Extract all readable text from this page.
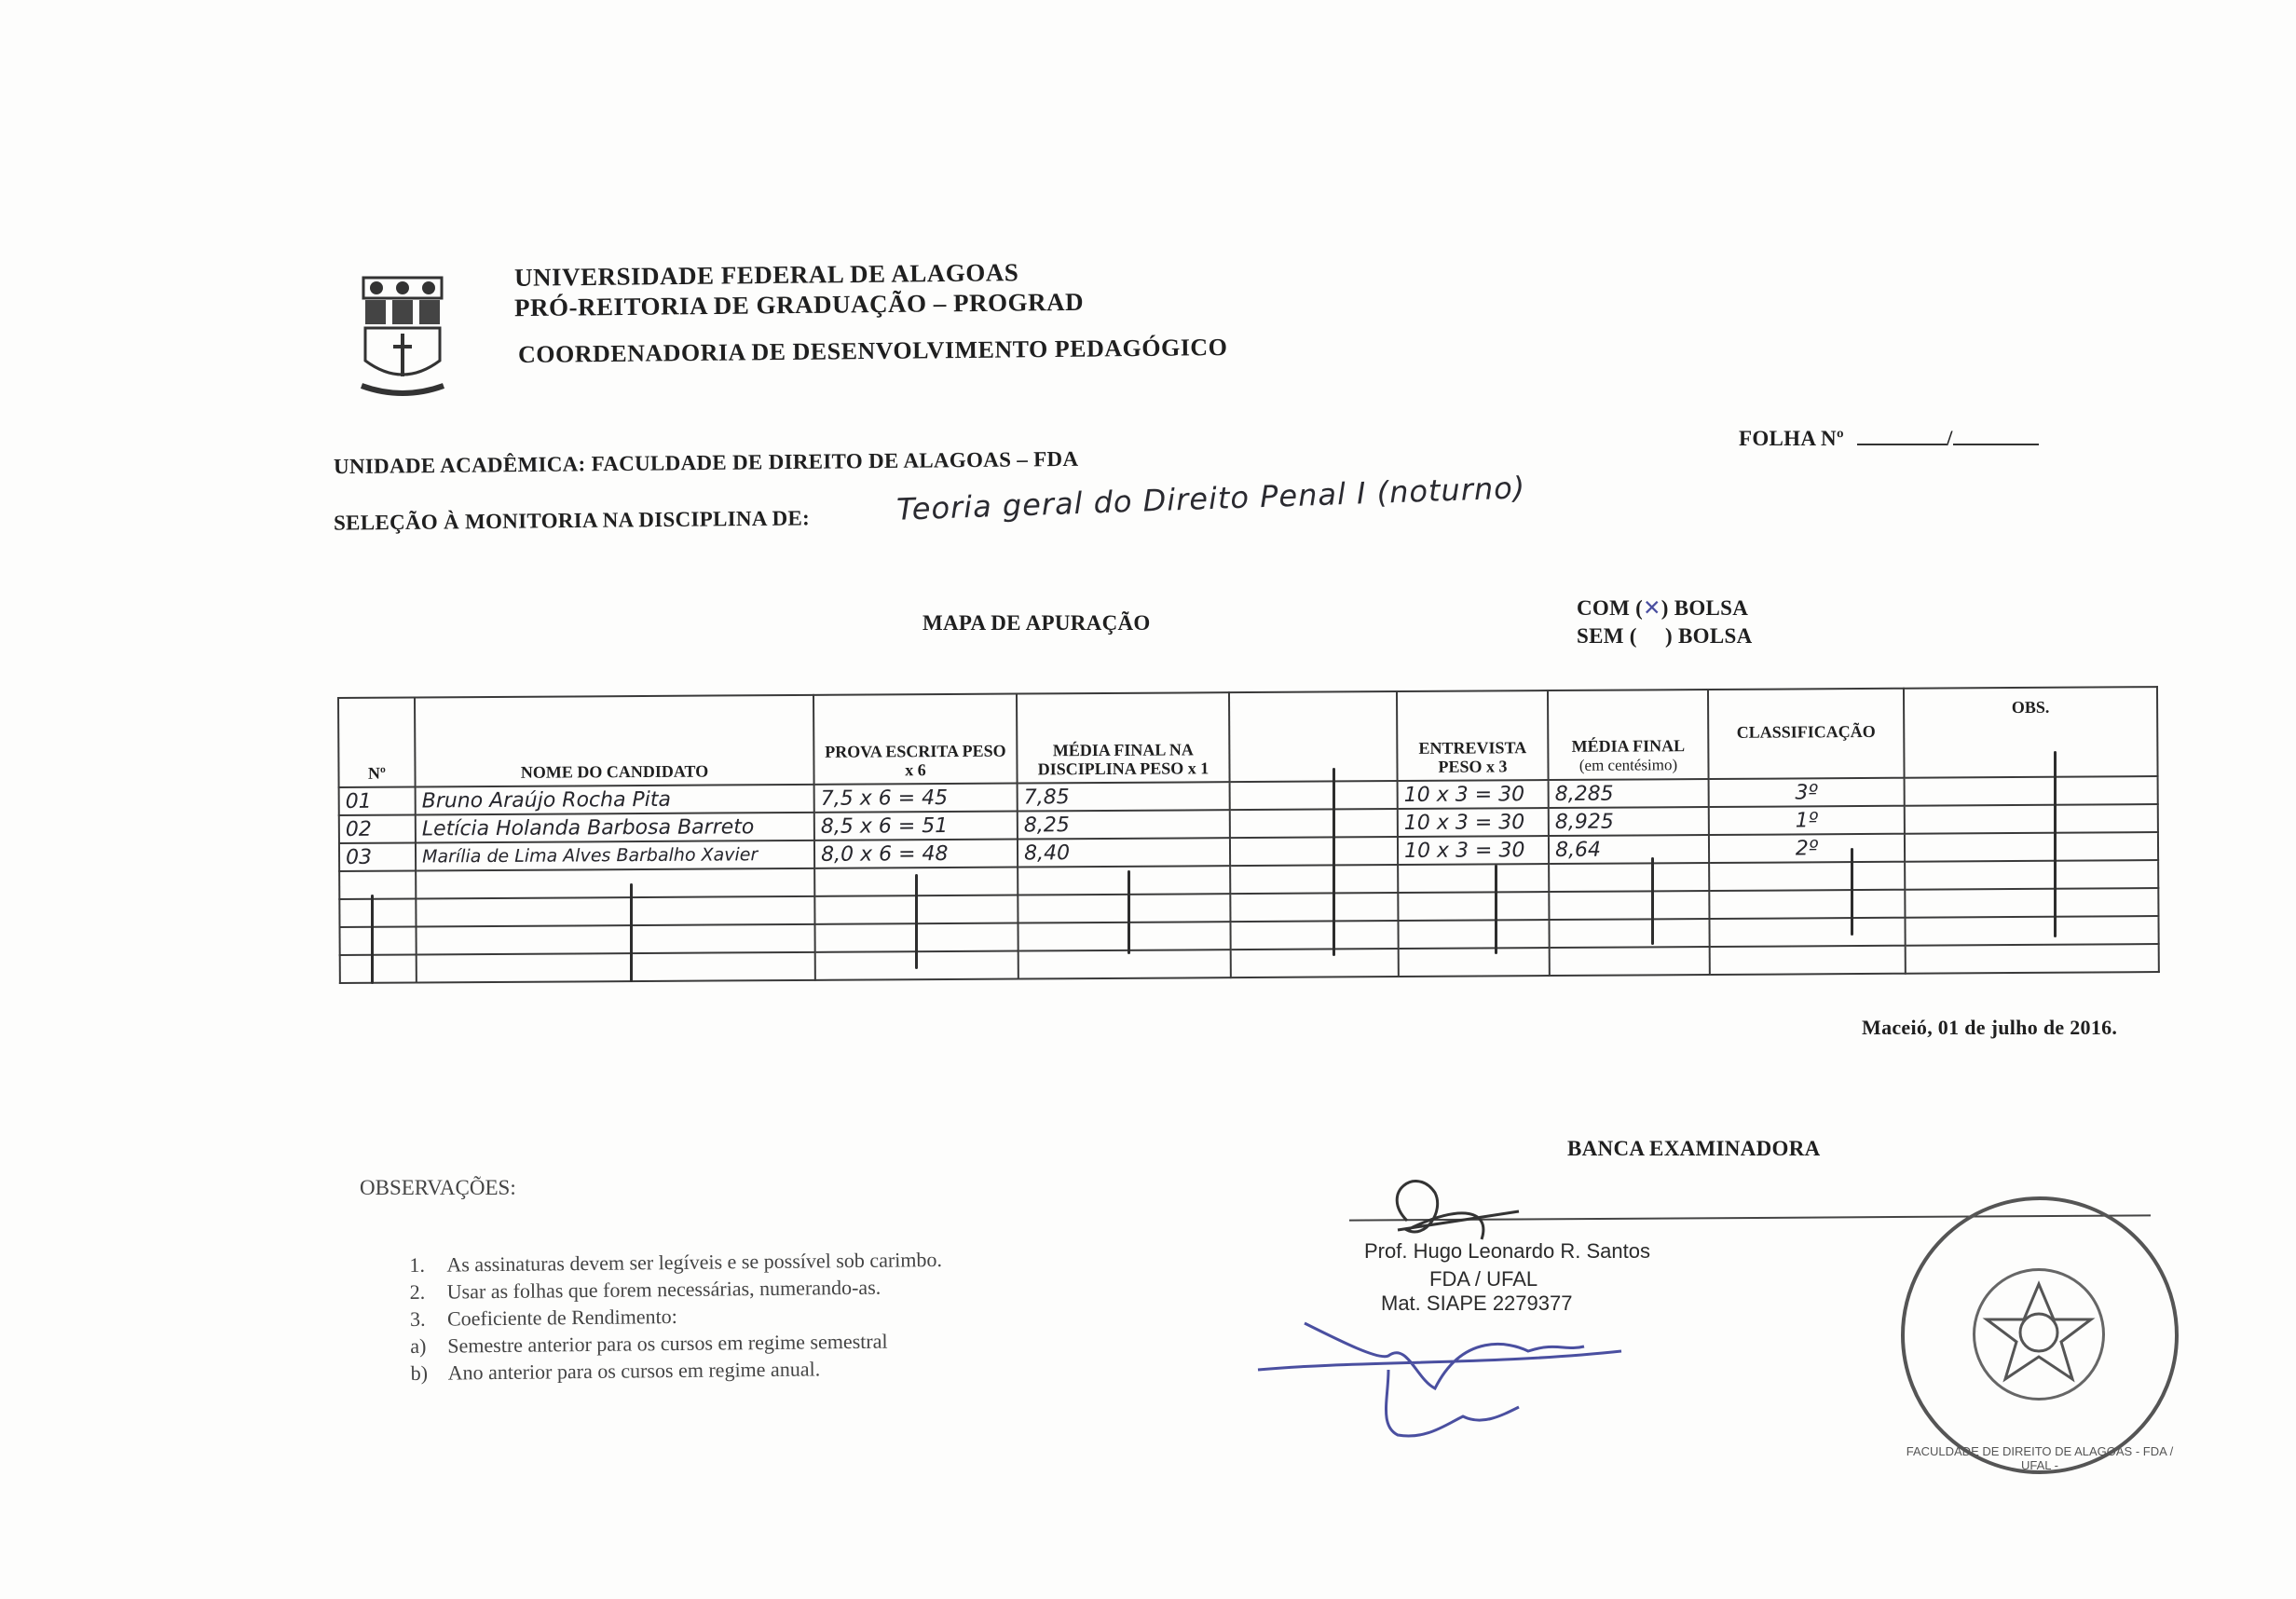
UFAL
UNIVERSIDADE FEDERAL DE ALAGOAS
PRÓ-REITORIA DE GRADUAÇÃO – PROGRAD
COORDENADORIA DE DESENVOLVIMENTO PEDAGÓGICO
FOLHA Nº	/
UNIDADE ACADÊMICA: FACULDADE DE DIREITO DE ALAGOAS – FDA
SELEÇÃO À MONITORIA NA DISCIPLINA DE:	Teoria geral do Direito Penal I (noturno)
MAPA DE APURAÇÃO
COM (✕) BOLSA
SEM (     ) BOLSA
Nº	NOME DO CANDIDATO	PROVA ESCRITA PESO x 6	MÉDIA FINAL NA DISCIPLINA PESO x 1		ENTREVISTA PESO x 3	MÉDIA FINAL
(em centésimo)	CLASSIFICAÇÃO	OBS.
01	Bruno Araújo Rocha Pita	7,5 x 6 = 45	7,85		10 x 3 = 30	8,285	3º	
02	Letícia Holanda Barbosa Barreto	8,5 x 6 = 51	8,25		10 x 3 = 30	8,925	1º	
03	Marília de Lima Alves Barbalho Xavier	8,0 x 6 = 48	8,40		10 x 3 = 30	8,64	2º	

Maceió, 01 de julho de 2016.
BANCA EXAMINADORA
Prof. Hugo Leonardo R. Santos
FDA / UFAL
Mat. SIAPE 2279377
OBSERVAÇÕES:
1. As assinaturas devem ser legíveis e se possível sob carimbo.
2. Usar as folhas que forem necessárias, numerando-as.
3. Coeficiente de Rendimento:
a) Semestre anterior para os cursos em regime semestral
b) Ano anterior para os cursos em regime anual.
FACULDADE DE DIREITO DE ALAGOAS - FDA / UFAL -
